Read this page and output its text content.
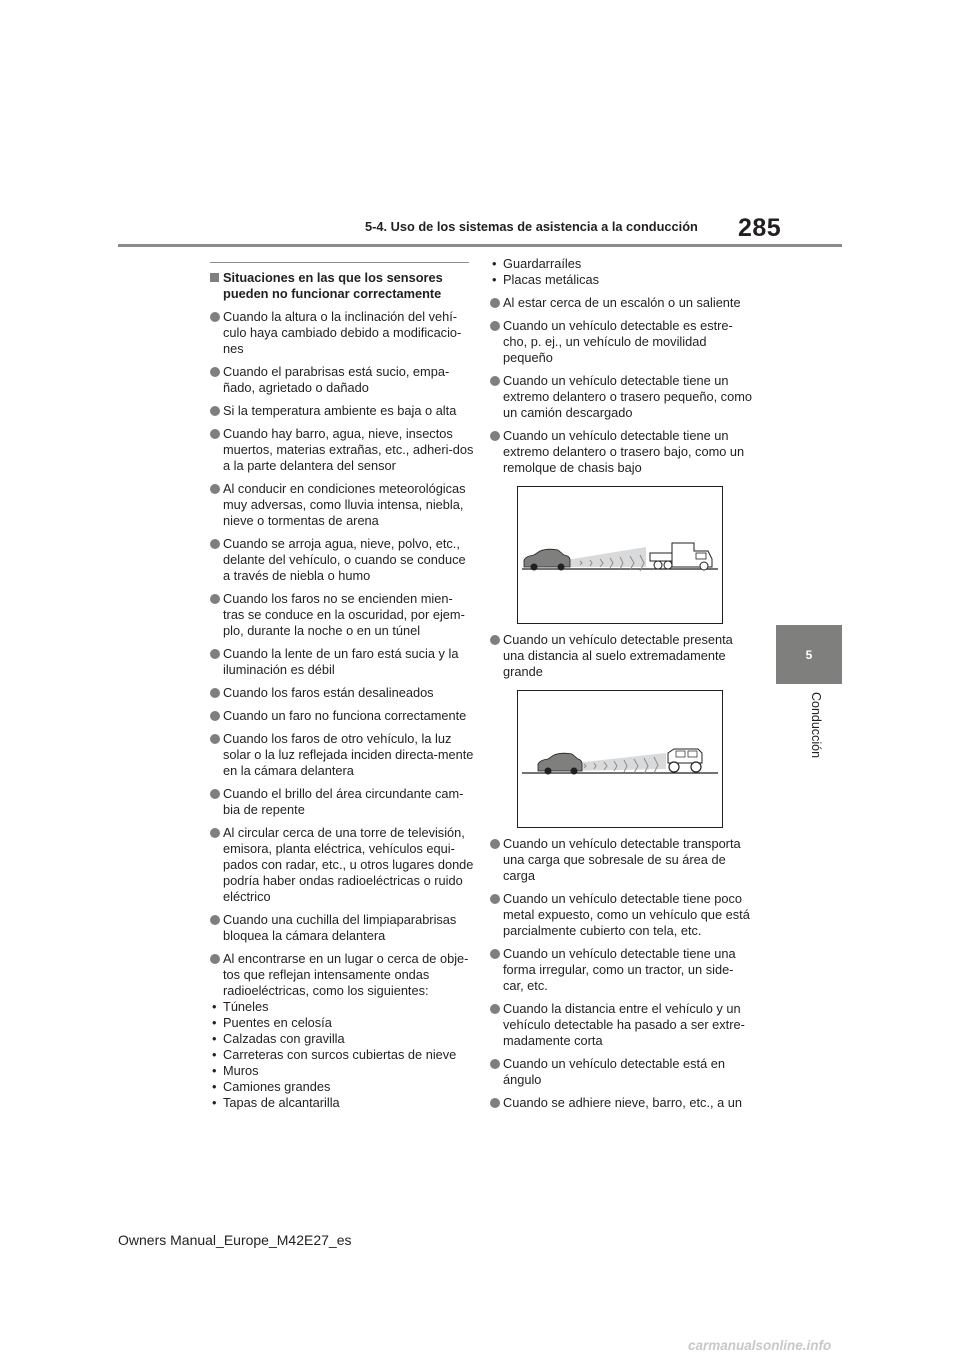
5-4. Uso de los sistemas de asistencia a la conducción 285
5
Conducción
Situaciones en las que los sensores pueden no funcionar correctamente
Cuando la altura o la inclinación del vehí-culo haya cambiado debido a modificacio-nes
Cuando el parabrisas está sucio, empa-ñado, agrietado o dañado
Si la temperatura ambiente es baja o alta
Cuando hay barro, agua, nieve, insectos muertos, materias extrañas, etc., adheri-dos a la parte delantera del sensor
Al conducir en condiciones meteorológicas muy adversas, como lluvia intensa, niebla, nieve o tormentas de arena
Cuando se arroja agua, nieve, polvo, etc., delante del vehículo, o cuando se conduce a través de niebla o humo
Cuando los faros no se encienden mien-tras se conduce en la oscuridad, por ejem-plo, durante la noche o en un túnel
Cuando la lente de un faro está sucia y la iluminación es débil
Cuando los faros están desalineados
Cuando un faro no funciona correctamente
Cuando los faros de otro vehículo, la luz solar o la luz reflejada inciden directa-mente en la cámara delantera
Cuando el brillo del área circundante cam-bia de repente
Al circular cerca de una torre de televisión, emisora, planta eléctrica, vehículos equi-pados con radar, etc., u otros lugares donde podría haber ondas radioeléctricas o ruido eléctrico
Cuando una cuchilla del limpiaparabrisas bloquea la cámara delantera
Al encontrarse en un lugar o cerca de obje-tos que reflejan intensamente ondas radioeléctricas, como los siguientes:
• Túneles
• Puentes en celosía
• Calzadas con gravilla
• Carreteras con surcos cubiertas de nieve
• Muros
• Camiones grandes
• Tapas de alcantarilla
• Guardarraíles
• Placas metálicas
Al estar cerca de un escalón o un saliente
Cuando un vehículo detectable es estre-cho, p. ej., un vehículo de movilidad pequeño
Cuando un vehículo detectable tiene un extremo delantero o trasero pequeño, como un camión descargado
Cuando un vehículo detectable tiene un extremo delantero o trasero bajo, como un remolque de chasis bajo
Cuando un vehículo detectable presenta una distancia al suelo extremadamente grande
Cuando un vehículo detectable transporta una carga que sobresale de su área de carga
Cuando un vehículo detectable tiene poco metal expuesto, como un vehículo que está parcialmente cubierto con tela, etc.
Cuando un vehículo detectable tiene una forma irregular, como un tractor, un side-car, etc.
Cuando la distancia entre el vehículo y un vehículo detectable ha pasado a ser extre-madamente corta
Cuando un vehículo detectable está en ángulo
Cuando se adhiere nieve, barro, etc., a un
Owners Manual_Europe_M42E27_es
carmanualsonline.info
